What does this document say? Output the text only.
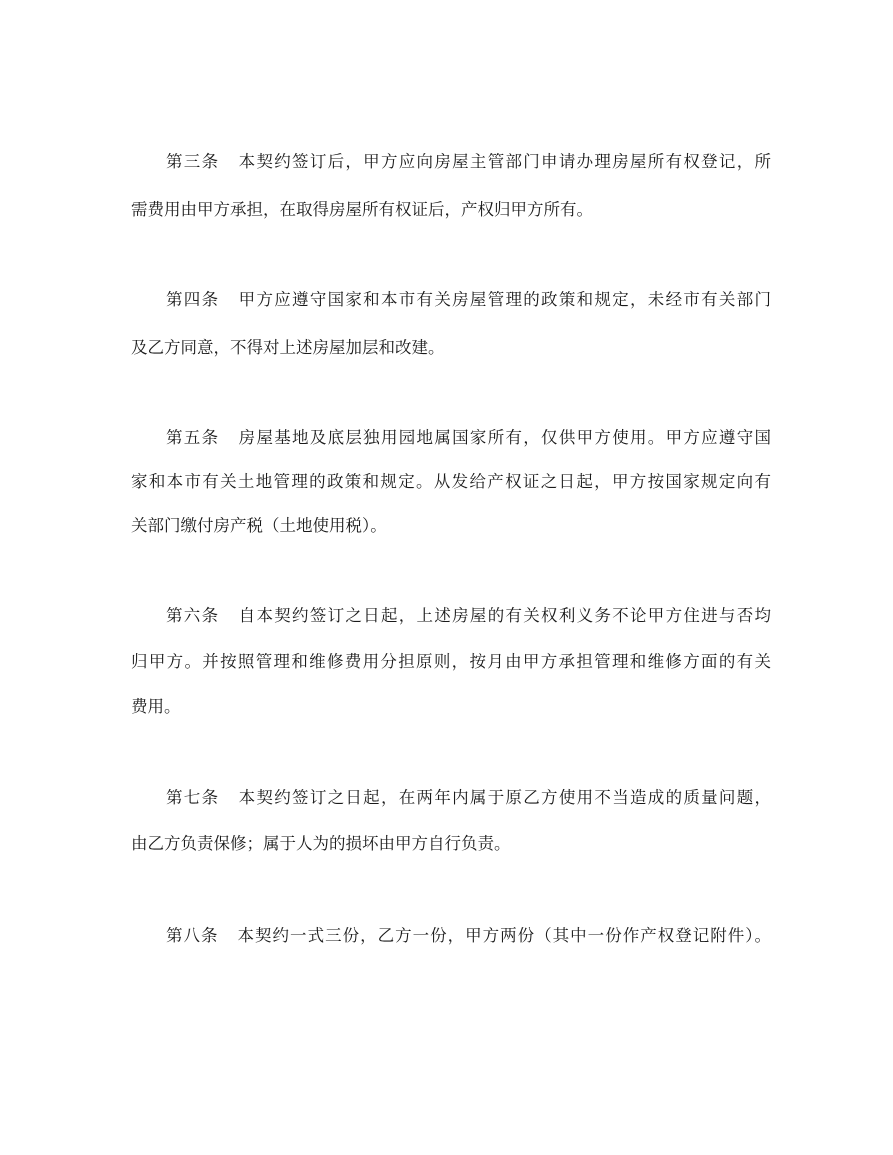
第三条 本契约签订后，甲方应向房屋主管部门申请办理房屋所有权登记，所
需费用由甲方承担，在取得房屋所有权证后，产权归甲方所有。
第四条 甲方应遵守国家和本市有关房屋管理的政策和规定，未经市有关部门
及乙方同意，不得对上述房屋加层和改建。
第五条 房屋基地及底层独用园地属国家所有，仅供甲方使用。甲方应遵守国
家和本市有关土地管理的政策和规定。从发给产权证之日起，甲方按国家规定向有
关部门缴付房产税（土地使用税）。
第六条 自本契约签订之日起，上述房屋的有关权利义务不论甲方住进与否均
归甲方。并按照管理和维修费用分担原则，按月由甲方承担管理和维修方面的有关
费用。
第七条 本契约签订之日起，在两年内属于原乙方使用不当造成的质量问题，
由乙方负责保修；属于人为的损坏由甲方自行负责。
第八条 本契约一式三份，乙方一份，甲方两份（其中一份作产权登记附件）。
